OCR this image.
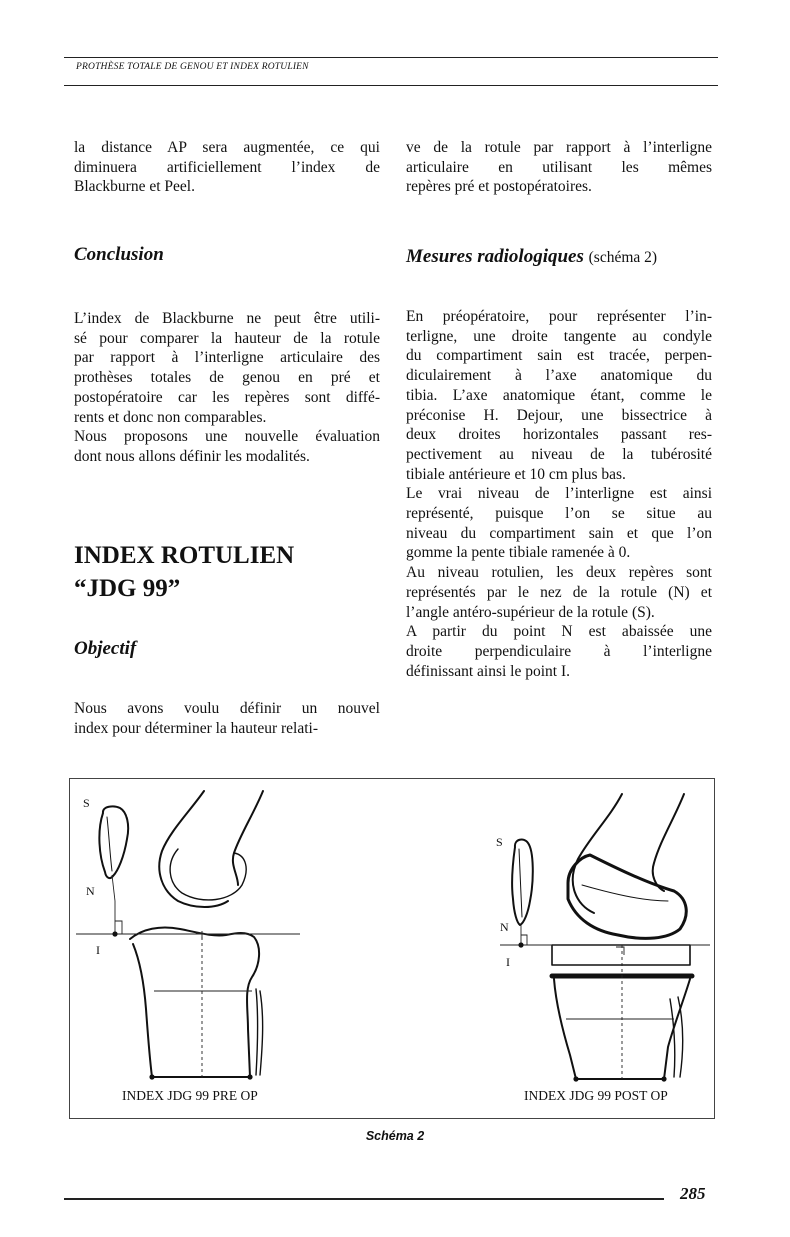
PROTHÈSE TOTALE DE GENOU ET INDEX ROTULIEN

la distance AP sera augmentée, ce qui

diminuera artificiellement l’index de

Blackburne et Peel.

Conclusion

L’index de Blackburne ne peut être utili-

sé pour comparer la hauteur de la rotule

par rapport à l’interligne articulaire des

prothèses totales de genou en pré et

postopératoire car les repères sont diffé-

rents et donc non comparables.

Nous proposons une nouvelle évaluation

dont nous allons définir les modalités.

INDEX ROTULIEN
“JDG 99”
Objectif

Nous avons voulu définir un nouvel

index pour déterminer la hauteur relati-

ve de la rotule par rapport à l’interligne

articulaire en utilisant les mêmes

repères pré et postopératoires.

Mesures radiologiques (schéma 2)

En préopératoire, pour représenter l’in-

terligne, une droite tangente au condyle

du compartiment sain est tracée, perpen-

diculairement à l’axe anatomique du

tibia. L’axe anatomique étant, comme le

préconise H. Dejour, une bissectrice à

deux droites horizontales passant res-

pectivement au niveau de la tubérosité

tibiale antérieure et 10 cm plus bas.

Le vrai niveau de l’interligne est ainsi

représenté, puisque l’on se situe au

niveau du compartiment sain et que l’on

gomme la pente tibiale ramenée à 0.

Au niveau rotulien, les deux repères sont

représentés par le nez de la rotule (N) et

l’angle antéro-supérieur de la rotule (S).

A partir du point N est abaissée une

droite perpendiculaire à l’interligne

définissant ainsi le point I.

S
N
I
S
N
I
INDEX JDG 99 PRE OP	INDEX JDG 99 POST OP
Schéma 2
285
